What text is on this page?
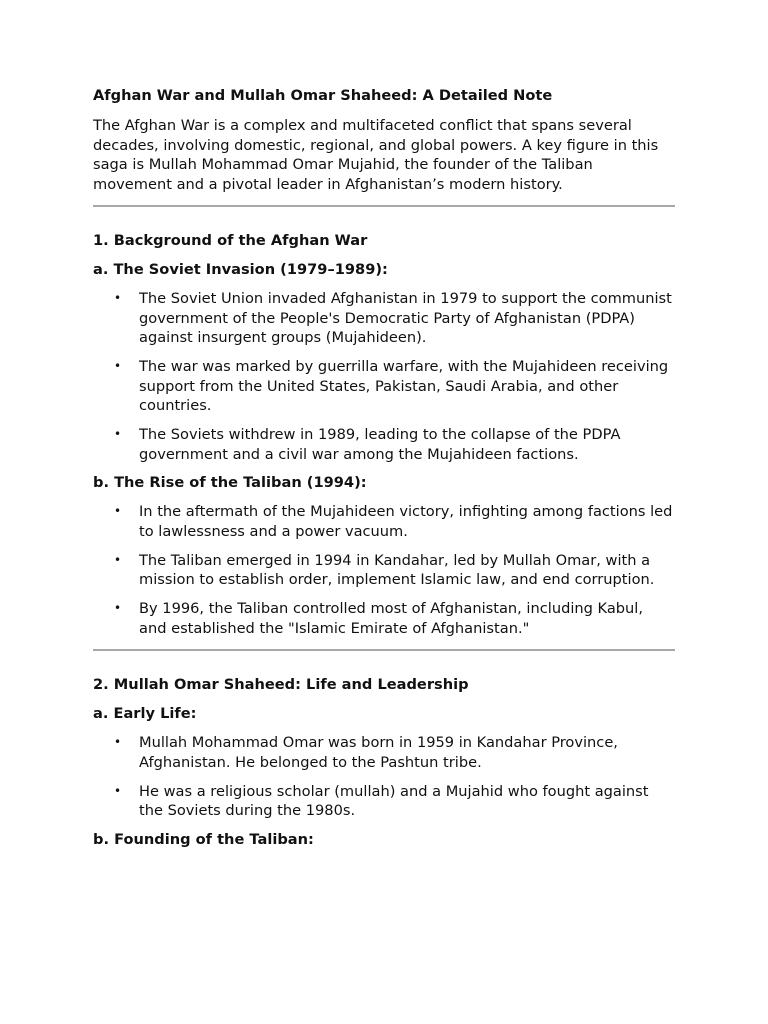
Afghan War and Mullah Omar Shaheed: A Detailed Note

The Afghan War is a complex and multifaceted conflict that spans several decades, involving domestic, regional, and global powers. A key figure in this saga is Mullah Mohammad Omar Mujahid, the founder of the Taliban movement and a pivotal leader in Afghanistan’s modern history.

1. Background of the Afghan War
a. The Soviet Invasion (1979–1989):
• The Soviet Union invaded Afghanistan in 1979 to support the communist government of the People's Democratic Party of Afghanistan (PDPA) against insurgent groups (Mujahideen).
• The war was marked by guerrilla warfare, with the Mujahideen receiving support from the United States, Pakistan, Saudi Arabia, and other countries.
• The Soviets withdrew in 1989, leading to the collapse of the PDPA government and a civil war among the Mujahideen factions.
b. The Rise of the Taliban (1994):
• In the aftermath of the Mujahideen victory, infighting among factions led to lawlessness and a power vacuum.
• The Taliban emerged in 1994 in Kandahar, led by Mullah Omar, with a mission to establish order, implement Islamic law, and end corruption.
• By 1996, the Taliban controlled most of Afghanistan, including Kabul, and established the "Islamic Emirate of Afghanistan."
2. Mullah Omar Shaheed: Life and Leadership
a. Early Life:
• Mullah Mohammad Omar was born in 1959 in Kandahar Province, Afghanistan. He belonged to the Pashtun tribe.
• He was a religious scholar (mullah) and a Mujahid who fought against the Soviets during the 1980s.
b. Founding of the Taliban:
